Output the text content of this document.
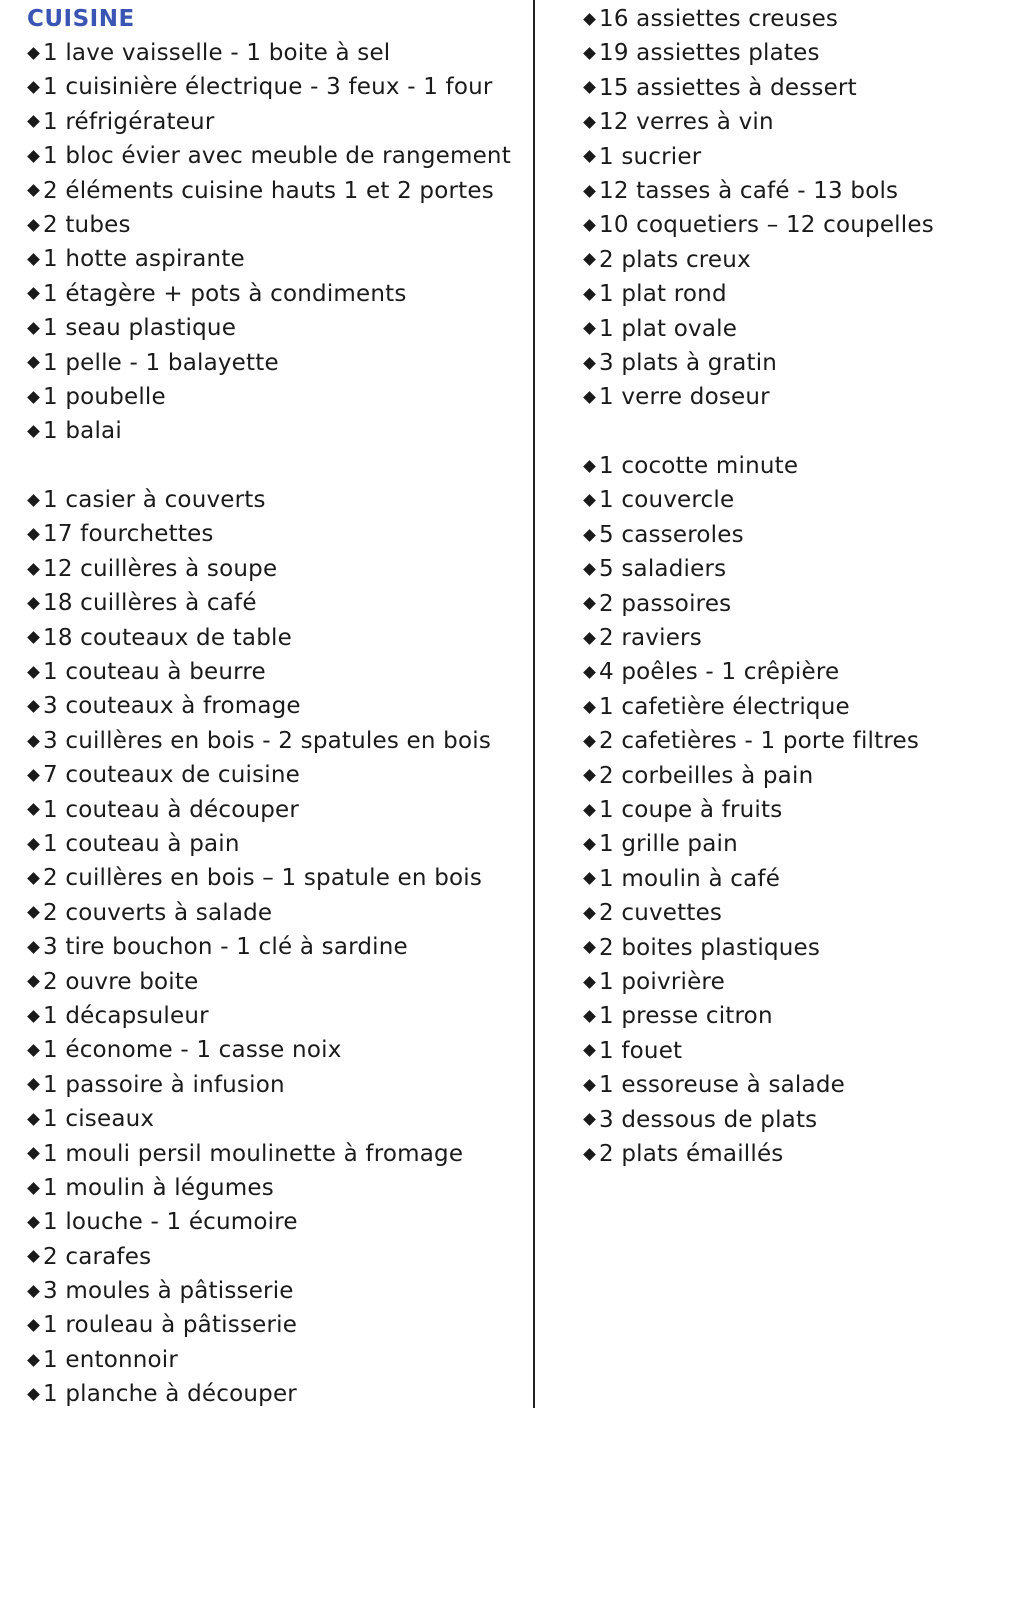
CUISINE
1 lave vaisselle - 1 boite à sel
1 cuisinière électrique - 3 feux - 1 four
1 réfrigérateur
1 bloc évier avec meuble de rangement
2 éléments cuisine hauts 1 et 2 portes
2 tubes
1 hotte aspirante
1 étagère + pots à condiments
1 seau plastique
1 pelle - 1 balayette
1 poubelle
1 balai
1 casier à couverts
17 fourchettes
12 cuillères à soupe
18 cuillères à café
18 couteaux de table
1 couteau à beurre
3 couteaux à fromage
3 cuillères en bois - 2 spatules en bois
7 couteaux de cuisine
1 couteau à découper
1 couteau à pain
2 cuillères en bois – 1 spatule en bois
2 couverts à salade
3 tire bouchon - 1 clé à sardine
2 ouvre boite
1 décapsuleur
1 économe - 1 casse noix
1 passoire à infusion
1 ciseaux
1 mouli persil moulinette à fromage
1 moulin à légumes
1 louche - 1 écumoire
2 carafes
3 moules à pâtisserie
1 rouleau à pâtisserie
1 entonnoir
1 planche à découper
16 assiettes creuses
19 assiettes plates
15 assiettes à dessert
12 verres à vin
1 sucrier
12 tasses à café - 13 bols
10 coquetiers – 12 coupelles
2 plats creux
1 plat rond
1 plat ovale
3 plats à gratin
1 verre doseur
1 cocotte minute
1 couvercle
5 casseroles
5 saladiers
2 passoires
2 raviers
4 poêles - 1 crêpière
1 cafetière électrique
2 cafetières - 1 porte filtres
2 corbeilles à pain
1 coupe à fruits
1 grille pain
1 moulin à café
2 cuvettes
2 boites plastiques
1 poivrière
1 presse citron
1 fouet
1 essoreuse à salade
3 dessous de plats
2 plats émaillés
